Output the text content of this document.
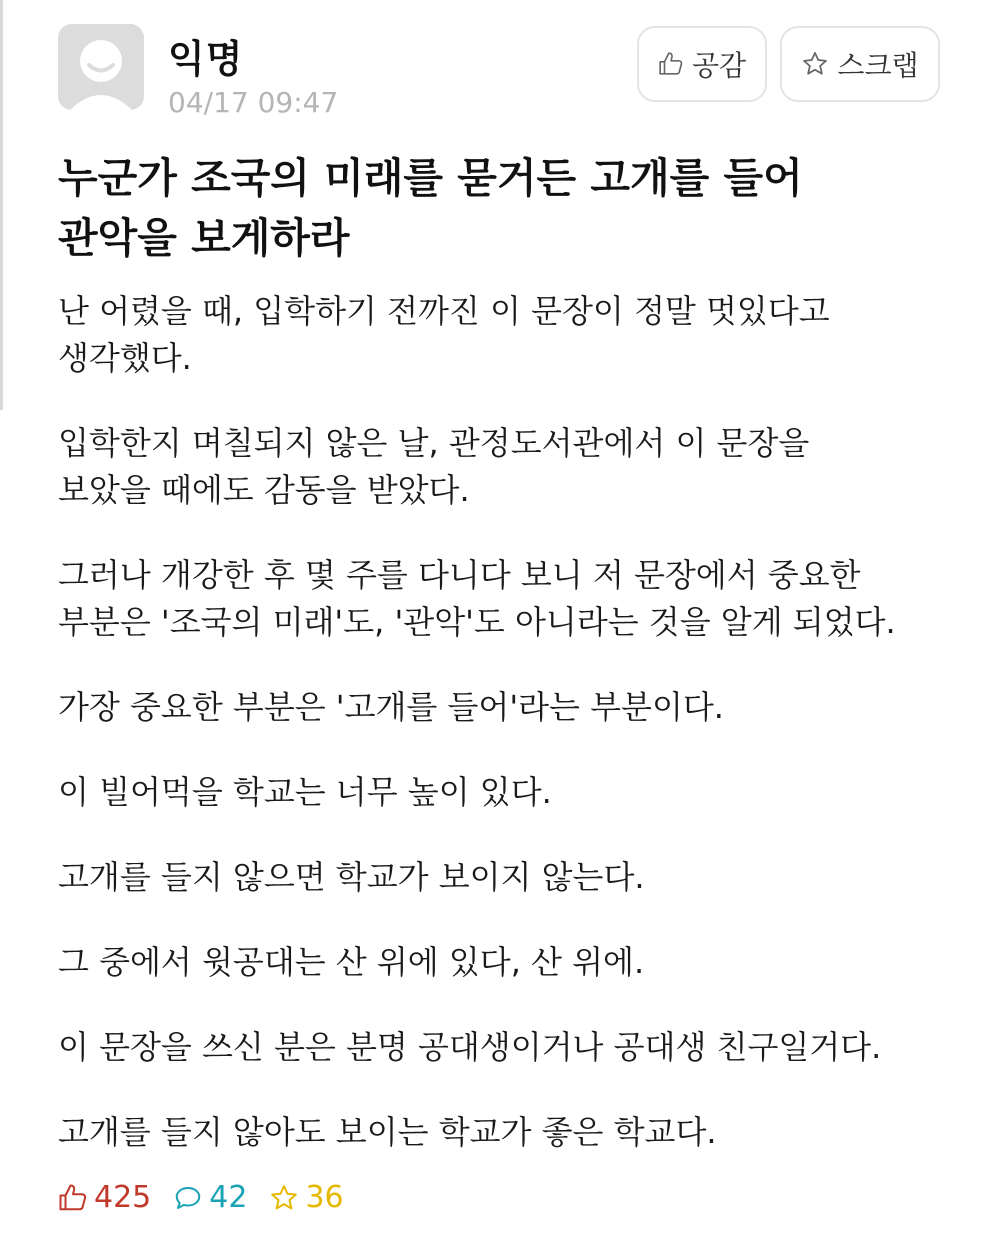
익명
04/17 09:47
공감	스크랩
누군가 조국의 미래를 묻거든 고개를 들어
관악을 보게하라

난 어렸을 때, 입학하기 전까진 이 문장이 정말 멋있다고
생각했다.

입학한지 며칠되지 않은 날, 관정도서관에서 이 문장을
보았을 때에도 감동을 받았다.

그러나 개강한 후 몇 주를 다니다 보니 저 문장에서 중요한
부분은 '조국의 미래'도, '관악'도 아니라는 것을 알게 되었다.

가장 중요한 부분은 '고개를 들어'라는 부분이다.

이 빌어먹을 학교는 너무 높이 있다.

고개를 들지 않으면 학교가 보이지 않는다.

그 중에서 윗공대는 산 위에 있다, 산 위에.

이 문장을 쓰신 분은 분명 공대생이거나 공대생 친구일거다.

고개를 들지 않아도 보이는 학교가 좋은 학교다.

425 42 36
